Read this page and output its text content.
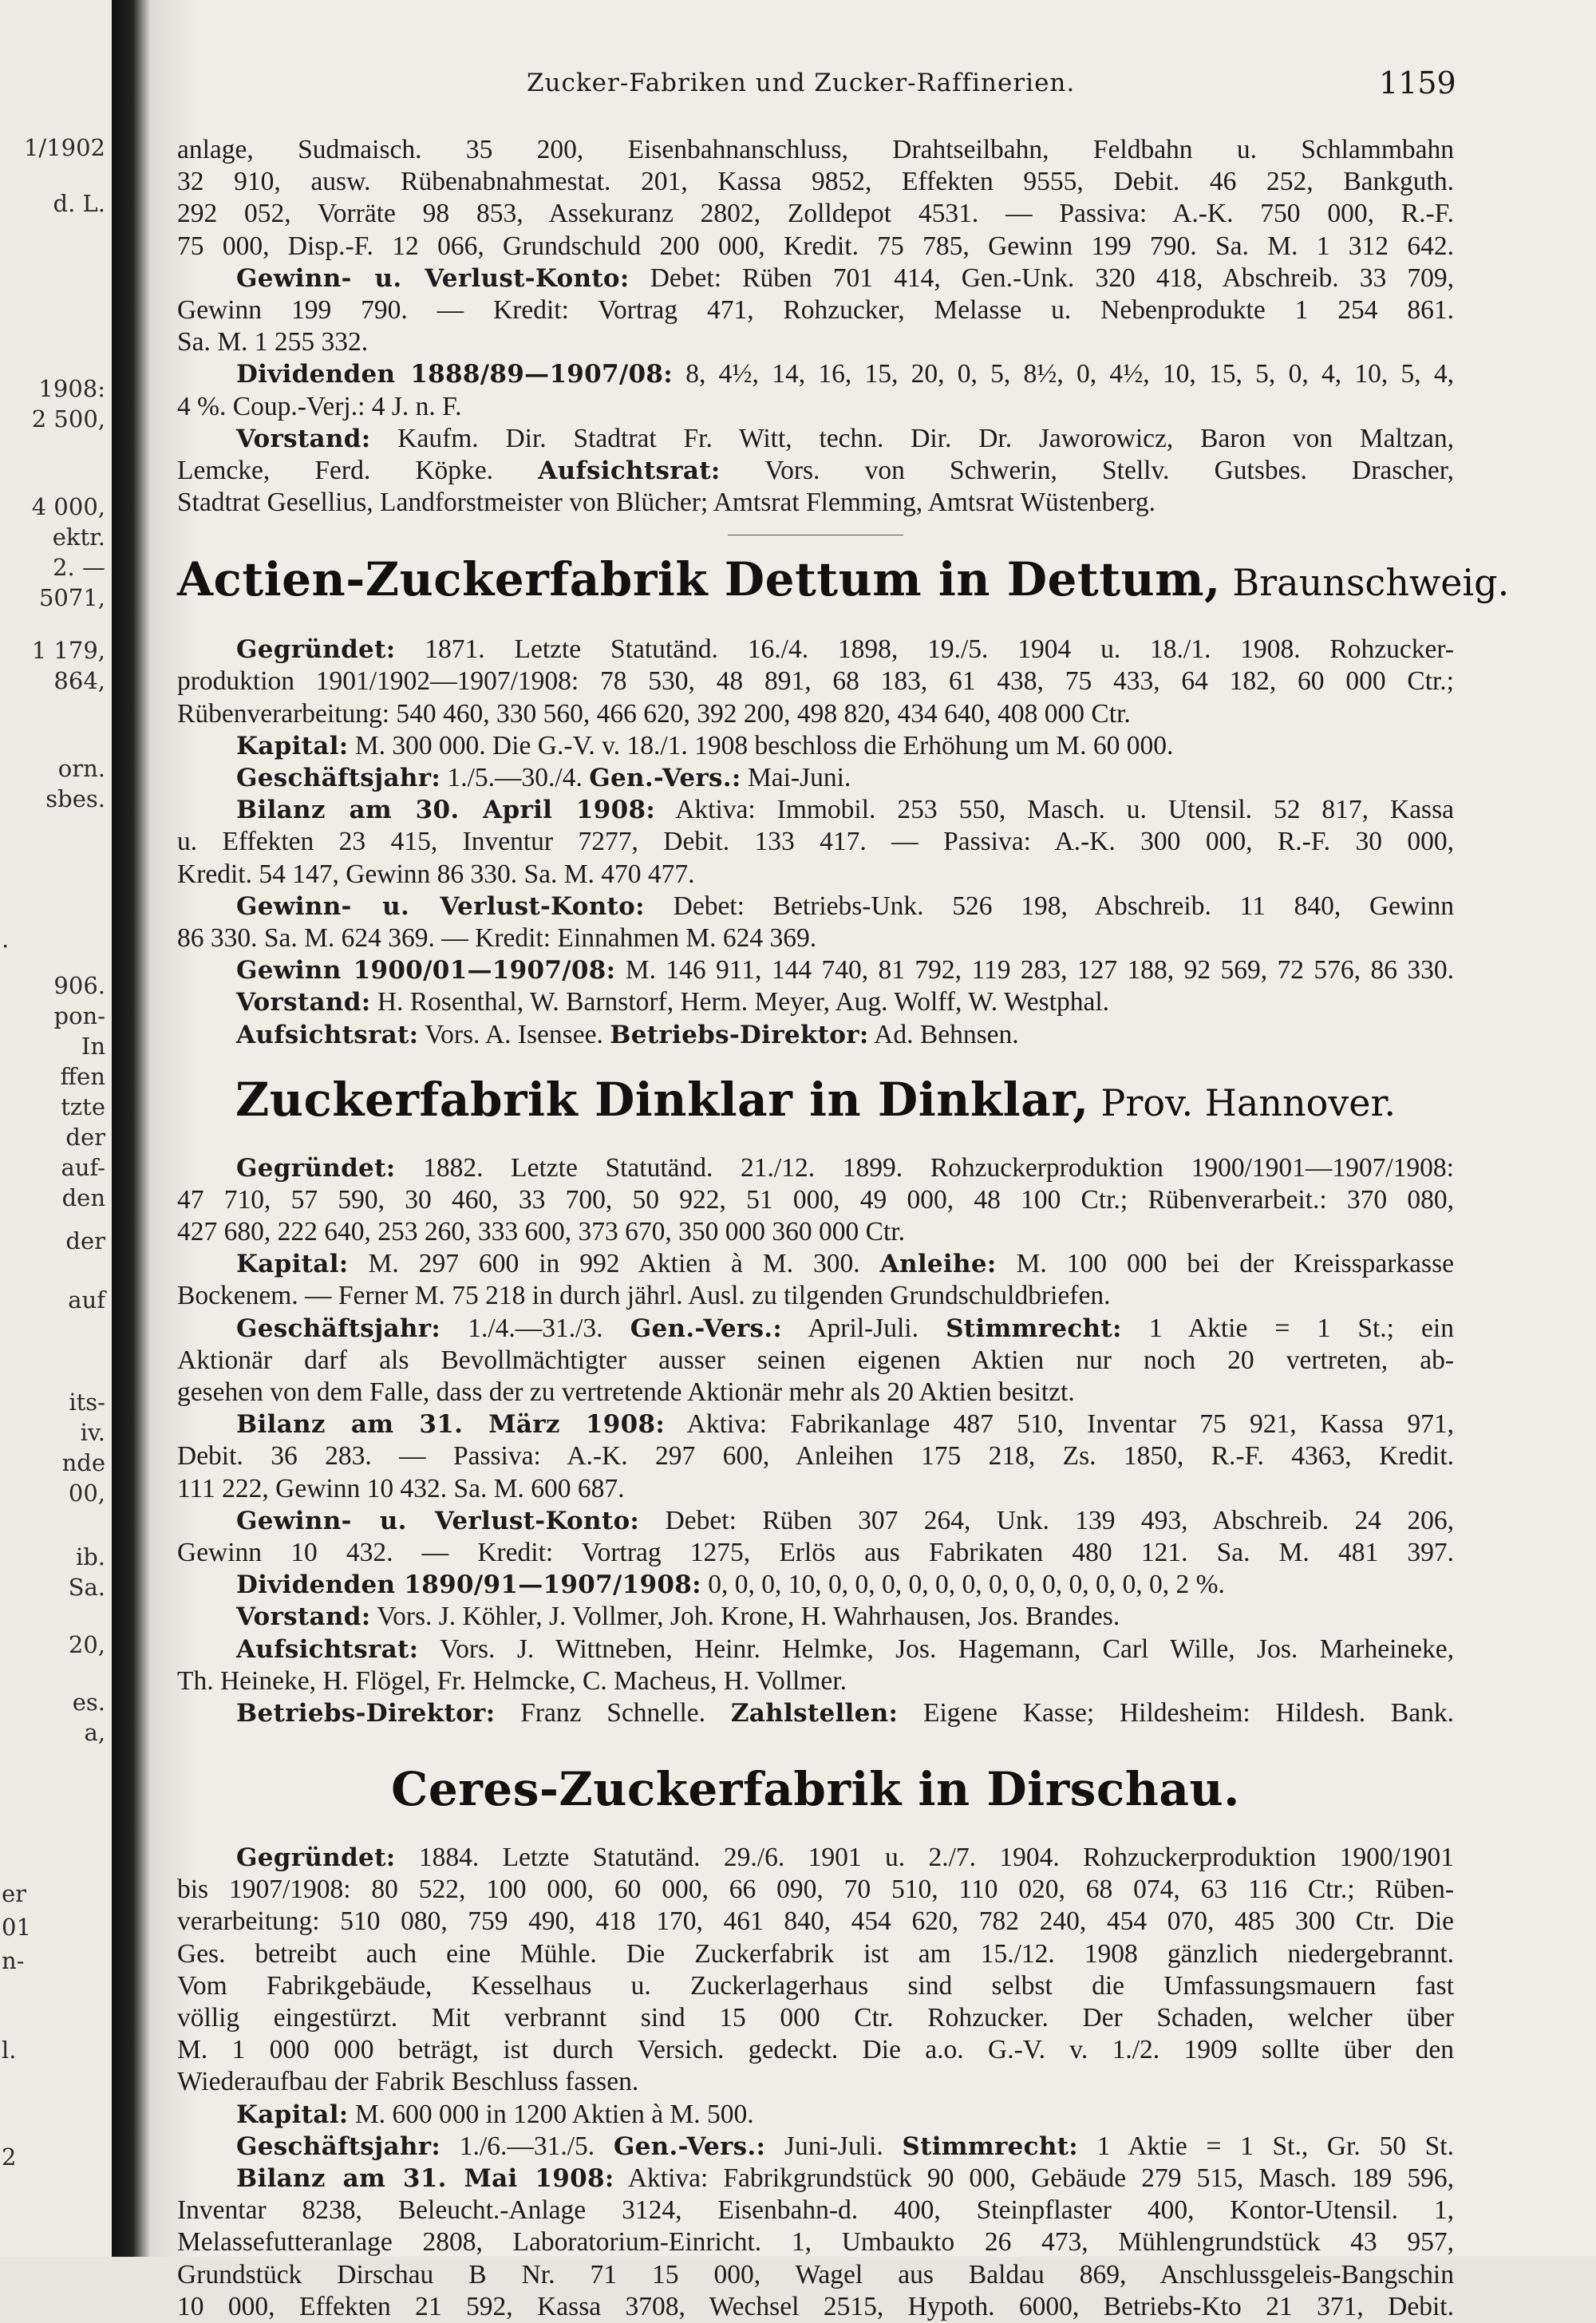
1/1902
d. L.
1908:
2 500,
4 000,
ektr.
2. —
5071,
1 179,
864,
orn.
sbes.
.
906.
pon-
In
ffen
tzte
der
auf-
den
der
auf
its-
iv.
nde
00,
ib.
Sa.
20,
es.
a,
er
01
n-
l.
2
Zucker-Fabriken und Zucker-Raffinerien.	1159
anlage, Sudmaisch. 35 200, Eisenbahnanschluss, Drahtseilbahn, Feldbahn u. Schlammbahn
32 910, ausw. Rübenabnahmestat. 201, Kassa 9852, Effekten 9555, Debit. 46 252, Bankguth.
292 052, Vorräte 98 853, Assekuranz 2802, Zolldepot 4531. — Passiva: A.-K. 750 000, R.-F.
75 000, Disp.-F. 12 066, Grundschuld 200 000, Kredit. 75 785, Gewinn 199 790. Sa. M. 1 312 642.
Gewinn- u. Verlust-Konto: Debet: Rüben 701 414, Gen.-Unk. 320 418, Abschreib. 33 709,
Gewinn 199 790. — Kredit: Vortrag 471, Rohzucker, Melasse u. Nebenprodukte 1 254 861.
Sa. M. 1 255 332.
Dividenden 1888/89—1907/08: 8, 4½, 14, 16, 15, 20, 0, 5, 8½, 0, 4½, 10, 15, 5, 0, 4, 10, 5, 4,
4 %. Coup.-Verj.: 4 J. n. F.
Vorstand: Kaufm. Dir. Stadtrat Fr. Witt, techn. Dir. Dr. Jaworowicz, Baron von Maltzan,
Lemcke, Ferd. Köpke. Aufsichtsrat: Vors. von Schwerin, Stellv. Gutsbes. Drascher,
Stadtrat Gesellius, Landforstmeister von Blücher; Amtsrat Flemming, Amtsrat Wüstenberg.
Actien-Zuckerfabrik Dettum in Dettum, Braunschweig.
Gegründet: 1871. Letzte Statutänd. 16./4. 1898, 19./5. 1904 u. 18./1. 1908. Rohzucker-
produktion 1901/1902—1907/1908: 78 530, 48 891, 68 183, 61 438, 75 433, 64 182, 60 000 Ctr.;
Rübenverarbeitung: 540 460, 330 560, 466 620, 392 200, 498 820, 434 640, 408 000 Ctr.
Kapital: M. 300 000. Die G.-V. v. 18./1. 1908 beschloss die Erhöhung um M. 60 000.
Geschäftsjahr: 1./5.—30./4. Gen.-Vers.: Mai-Juni.
Bilanz am 30. April 1908: Aktiva: Immobil. 253 550, Masch. u. Utensil. 52 817, Kassa
u. Effekten 23 415, Inventur 7277, Debit. 133 417. — Passiva: A.-K. 300 000, R.-F. 30 000,
Kredit. 54 147, Gewinn 86 330. Sa. M. 470 477.
Gewinn- u. Verlust-Konto: Debet: Betriebs-Unk. 526 198, Abschreib. 11 840, Gewinn
86 330. Sa. M. 624 369. — Kredit: Einnahmen M. 624 369.
Gewinn 1900/01—1907/08: M. 146 911, 144 740, 81 792, 119 283, 127 188, 92 569, 72 576, 86 330.
Vorstand: H. Rosenthal, W. Barnstorf, Herm. Meyer, Aug. Wolff, W. Westphal.
Aufsichtsrat: Vors. A. Isensee. Betriebs-Direktor: Ad. Behnsen.
Zuckerfabrik Dinklar in Dinklar, Prov. Hannover.
Gegründet: 1882. Letzte Statutänd. 21./12. 1899. Rohzuckerproduktion 1900/1901—1907/1908:
47 710, 57 590, 30 460, 33 700, 50 922, 51 000, 49 000, 48 100 Ctr.; Rübenverarbeit.: 370 080,
427 680, 222 640, 253 260, 333 600, 373 670, 350 000 360 000 Ctr.
Kapital: M. 297 600 in 992 Aktien à M. 300. Anleihe: M. 100 000 bei der Kreissparkasse
Bockenem. — Ferner M. 75 218 in durch jährl. Ausl. zu tilgenden Grundschuldbriefen.
Geschäftsjahr: 1./4.—31./3. Gen.-Vers.: April-Juli. Stimmrecht: 1 Aktie = 1 St.; ein
Aktionär darf als Bevollmächtigter ausser seinen eigenen Aktien nur noch 20 vertreten, ab-
gesehen von dem Falle, dass der zu vertretende Aktionär mehr als 20 Aktien besitzt.
Bilanz am 31. März 1908: Aktiva: Fabrikanlage 487 510, Inventar 75 921, Kassa 971,
Debit. 36 283. — Passiva: A.-K. 297 600, Anleihen 175 218, Zs. 1850, R.-F. 4363, Kredit.
111 222, Gewinn 10 432. Sa. M. 600 687.
Gewinn- u. Verlust-Konto: Debet: Rüben 307 264, Unk. 139 493, Abschreib. 24 206,
Gewinn 10 432. — Kredit: Vortrag 1275, Erlös aus Fabrikaten 480 121. Sa. M. 481 397.
Dividenden 1890/91—1907/1908: 0, 0, 0, 10, 0, 0, 0, 0, 0, 0, 0, 0, 0, 0, 0, 0, 0, 2 %.
Vorstand: Vors. J. Köhler, J. Vollmer, Joh. Krone, H. Wahrhausen, Jos. Brandes.
Aufsichtsrat: Vors. J. Wittneben, Heinr. Helmke, Jos. Hagemann, Carl Wille, Jos. Marheineke,
Th. Heineke, H. Flögel, Fr. Helmcke, C. Macheus, H. Vollmer.
Betriebs-Direktor: Franz Schnelle. Zahlstellen: Eigene Kasse; Hildesheim: Hildesh. Bank.
Ceres-Zuckerfabrik in Dirschau.
Gegründet: 1884. Letzte Statutänd. 29./6. 1901 u. 2./7. 1904. Rohzuckerproduktion 1900/1901
bis 1907/1908: 80 522, 100 000, 60 000, 66 090, 70 510, 110 020, 68 074, 63 116 Ctr.; Rüben-
verarbeitung: 510 080, 759 490, 418 170, 461 840, 454 620, 782 240, 454 070, 485 300 Ctr. Die
Ges. betreibt auch eine Mühle. Die Zuckerfabrik ist am 15./12. 1908 gänzlich niedergebrannt.
Vom Fabrikgebäude, Kesselhaus u. Zuckerlagerhaus sind selbst die Umfassungsmauern fast
völlig eingestürzt. Mit verbrannt sind 15 000 Ctr. Rohzucker. Der Schaden, welcher über
M. 1 000 000 beträgt, ist durch Versich. gedeckt. Die a.o. G.-V. v. 1./2. 1909 sollte über den
Wiederaufbau der Fabrik Beschluss fassen.
Kapital: M. 600 000 in 1200 Aktien à M. 500.
Geschäftsjahr: 1./6.—31./5. Gen.-Vers.: Juni-Juli. Stimmrecht: 1 Aktie = 1 St., Gr. 50 St.
Bilanz am 31. Mai 1908: Aktiva: Fabrikgrundstück 90 000, Gebäude 279 515, Masch. 189 596,
Inventar 8238, Beleucht.-Anlage 3124, Eisenbahn-d. 400, Steinpflaster 400, Kontor-Utensil. 1,
Melassefutteranlage 2808, Laboratorium-Einricht. 1, Umbaukto 26 473, Mühlengrundstück 43 957,
Grundstück Dirschau B Nr. 71 15 000, Wagel aus Baldau 869, Anschlussgeleis-Bangschin
10 000, Effekten 21 592, Kassa 3708, Wechsel 2515, Hypoth. 6000, Betriebs-Kto 21 371, Debit.
